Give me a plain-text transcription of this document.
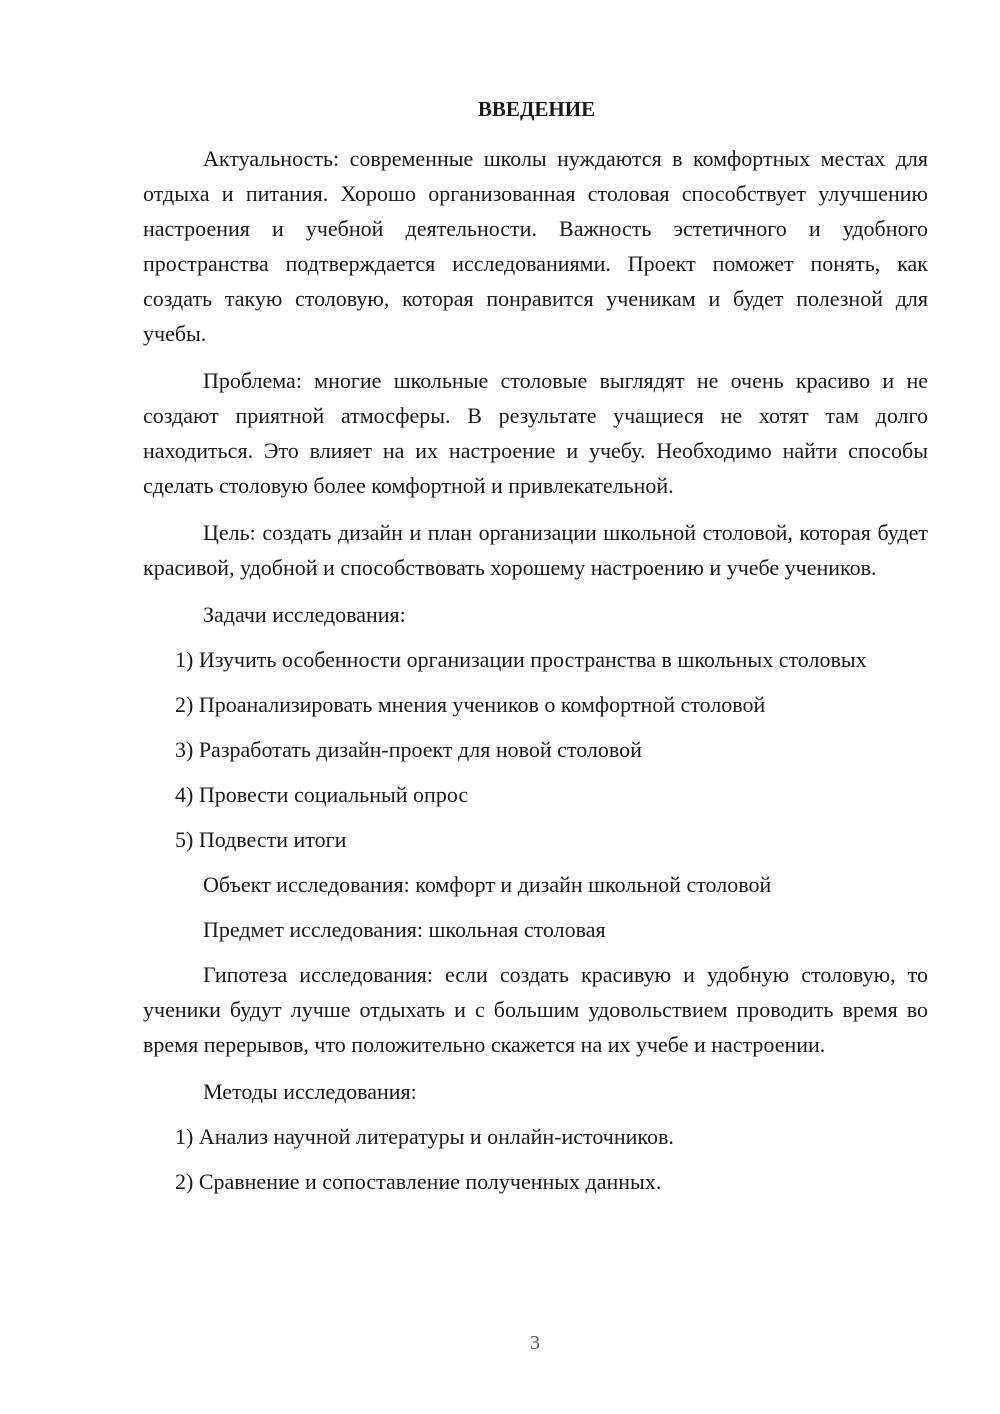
ВВЕДЕНИЕ

Актуальность: современные школы нуждаются в комфортных местах для отдыха и питания. Хорошо организованная столовая способствует улучшению настроения и учебной деятельности. Важность эстетичного и удобного пространства подтверждается исследованиями. Проект поможет понять, как создать такую столовую, которая понравится ученикам и будет полезной для учебы.

Проблема: многие школьные столовые выглядят не очень красиво и не создают приятной атмосферы. В результате учащиеся не хотят там долго находиться. Это влияет на их настроение и учебу. Необходимо найти способы сделать столовую более комфортной и привлекательной.

Цель: создать дизайн и план организации школьной столовой, которая будет красивой, удобной и способствовать хорошему настроению и учебе учеников.

Задачи исследования:

1) Изучить особенности организации пространства в школьных столовых

2) Проанализировать мнения учеников о комфортной столовой

3) Разработать дизайн-проект для новой столовой

4) Провести социальный опрос

5) Подвести итоги

Объект исследования: комфорт и дизайн школьной столовой

Предмет исследования: школьная столовая

Гипотеза исследования: если создать красивую и удобную столовую, то ученики будут лучше отдыхать и с большим удовольствием проводить время во время перерывов, что положительно скажется на их учебе и настроении.

Методы исследования:

1) Анализ научной литературы и онлайн-источников.

2) Сравнение и сопоставление полученных данных.

3
